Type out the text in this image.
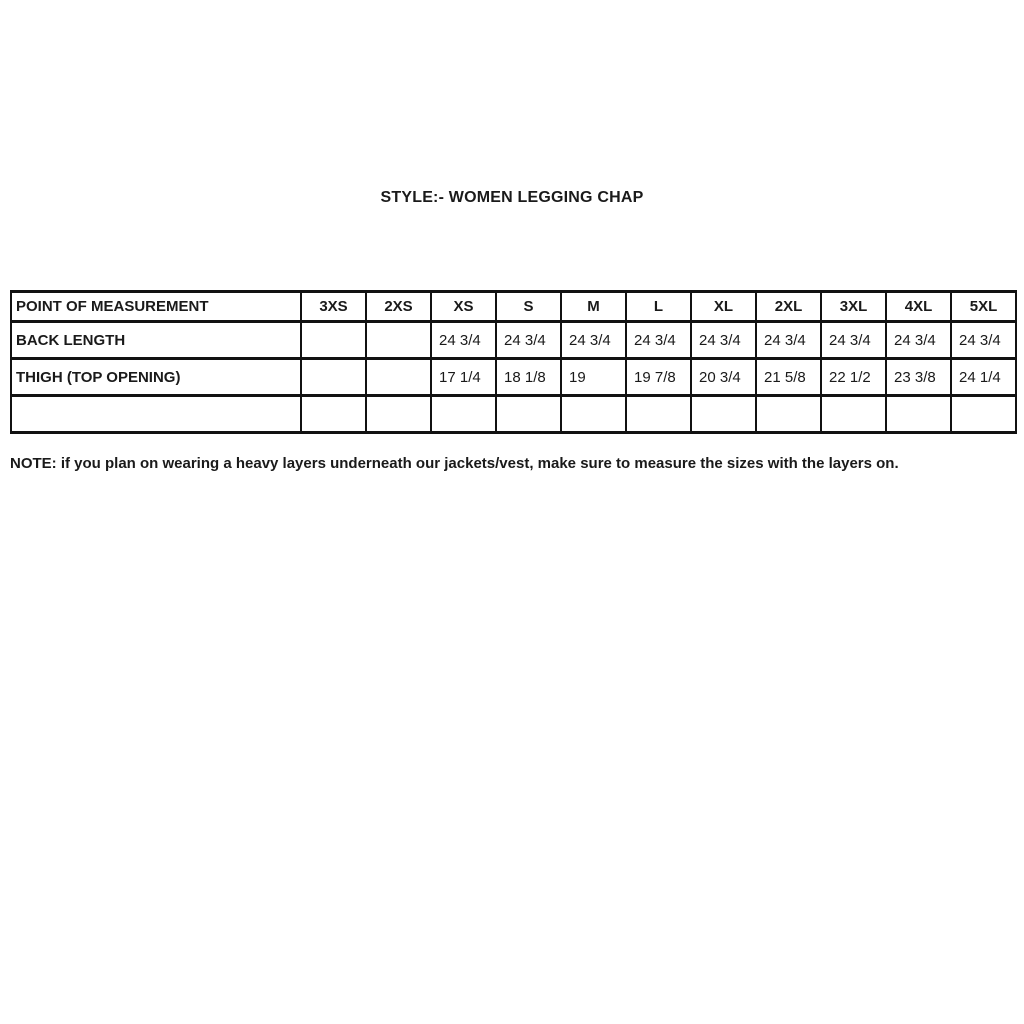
STYLE:- WOMEN LEGGING CHAP
POINT OF MEASUREMENT	3XS	2XS	XS	S	M	L	XL	2XL	3XL	4XL	5XL
BACK LENGTH			24 3/4	24 3/4	24 3/4	24 3/4	24 3/4	24 3/4	24 3/4	24 3/4	24 3/4
THIGH (TOP OPENING)			17 1/4	18 1/8	19	19 7/8	20 3/4	21 5/8	22 1/2	23 3/8	24 1/4

NOTE: if you plan on wearing a heavy layers underneath our jackets/vest, make sure to measure the sizes with the layers on.
